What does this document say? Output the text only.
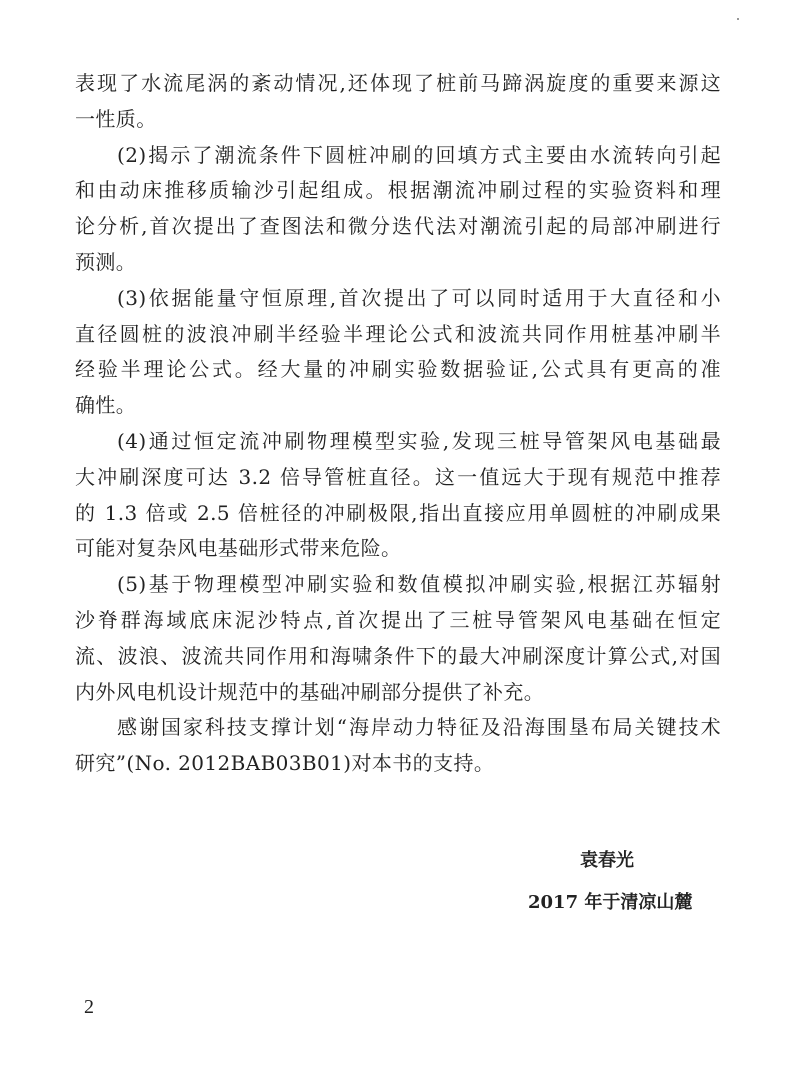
表现了水流尾涡的紊动情况,还体现了桩前马蹄涡旋度的重要来源这
一性质。
(2)揭示了潮流条件下圆桩冲刷的回填方式主要由水流转向引起
和由动床推移质输沙引起组成。根据潮流冲刷过程的实验资料和理
论分析,首次提出了查图法和微分迭代法对潮流引起的局部冲刷进行
预测。
(3)依据能量守恒原理,首次提出了可以同时适用于大直径和小
直径圆桩的波浪冲刷半经验半理论公式和波流共同作用桩基冲刷半
经验半理论公式。经大量的冲刷实验数据验证,公式具有更高的准
确性。
(4)通过恒定流冲刷物理模型实验,发现三桩导管架风电基础最
大冲刷深度可达 3.2 倍导管桩直径。这一值远大于现有规范中推荐
的 1.3 倍或 2.5 倍桩径的冲刷极限,指出直接应用单圆桩的冲刷成果
可能对复杂风电基础形式带来危险。
(5)基于物理模型冲刷实验和数值模拟冲刷实验,根据江苏辐射
沙脊群海域底床泥沙特点,首次提出了三桩导管架风电基础在恒定
流、波浪、波流共同作用和海啸条件下的最大冲刷深度计算公式,对国
内外风电机设计规范中的基础冲刷部分提供了补充。
感谢国家科技支撑计划“海岸动力特征及沿海围垦布局关键技术
研究”(No. 2012BAB03B01)对本书的支持。
袁春光
2017 年于清凉山麓
2
